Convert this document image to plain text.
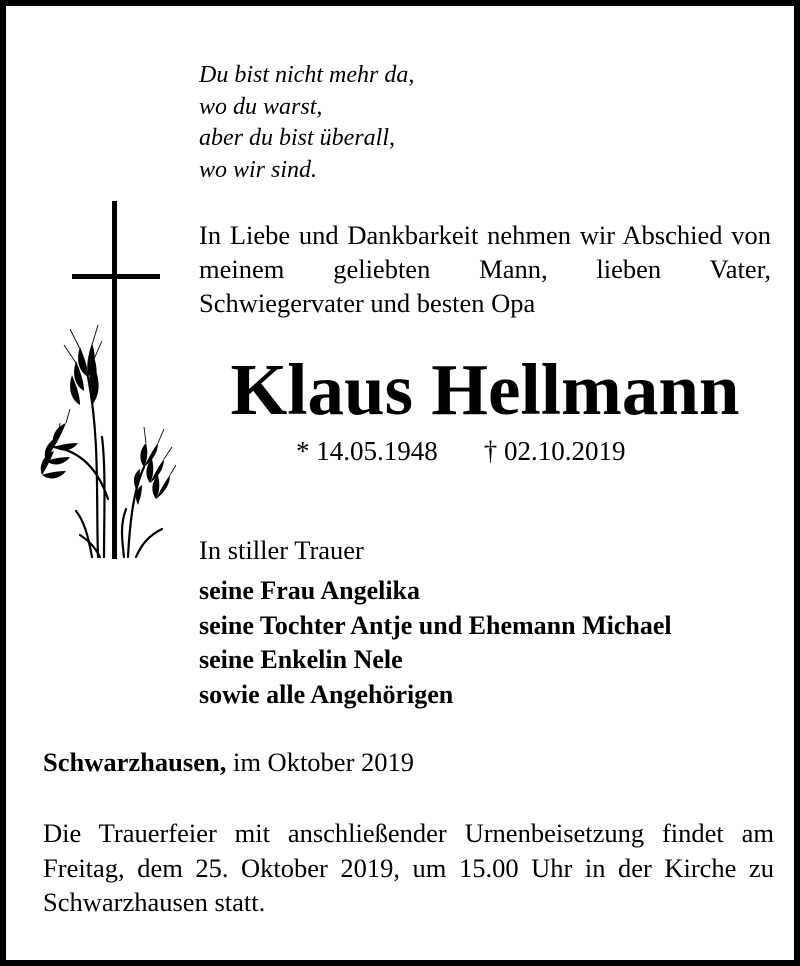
Du bist nicht mehr da,
wo du warst,
aber du bist überall,
wo wir sind.
In Liebe und Dankbarkeit nehmen wir Abschied von meinem geliebten Mann, lieben Vater, Schwiegervater und besten Opa
Klaus Hellmann
* 14.05.1948 † 02.10.2019
In stiller Trauer
seine Frau Angelika
seine Tochter Antje und Ehemann Michael
seine Enkelin Nele
sowie alle Angehörigen
Schwarzhausen, im Oktober 2019
Die Trauerfeier mit anschließender Urnenbeisetzung findet am Freitag, dem 25. Oktober 2019, um 15.00 Uhr in der Kirche zu Schwarzhausen statt.
